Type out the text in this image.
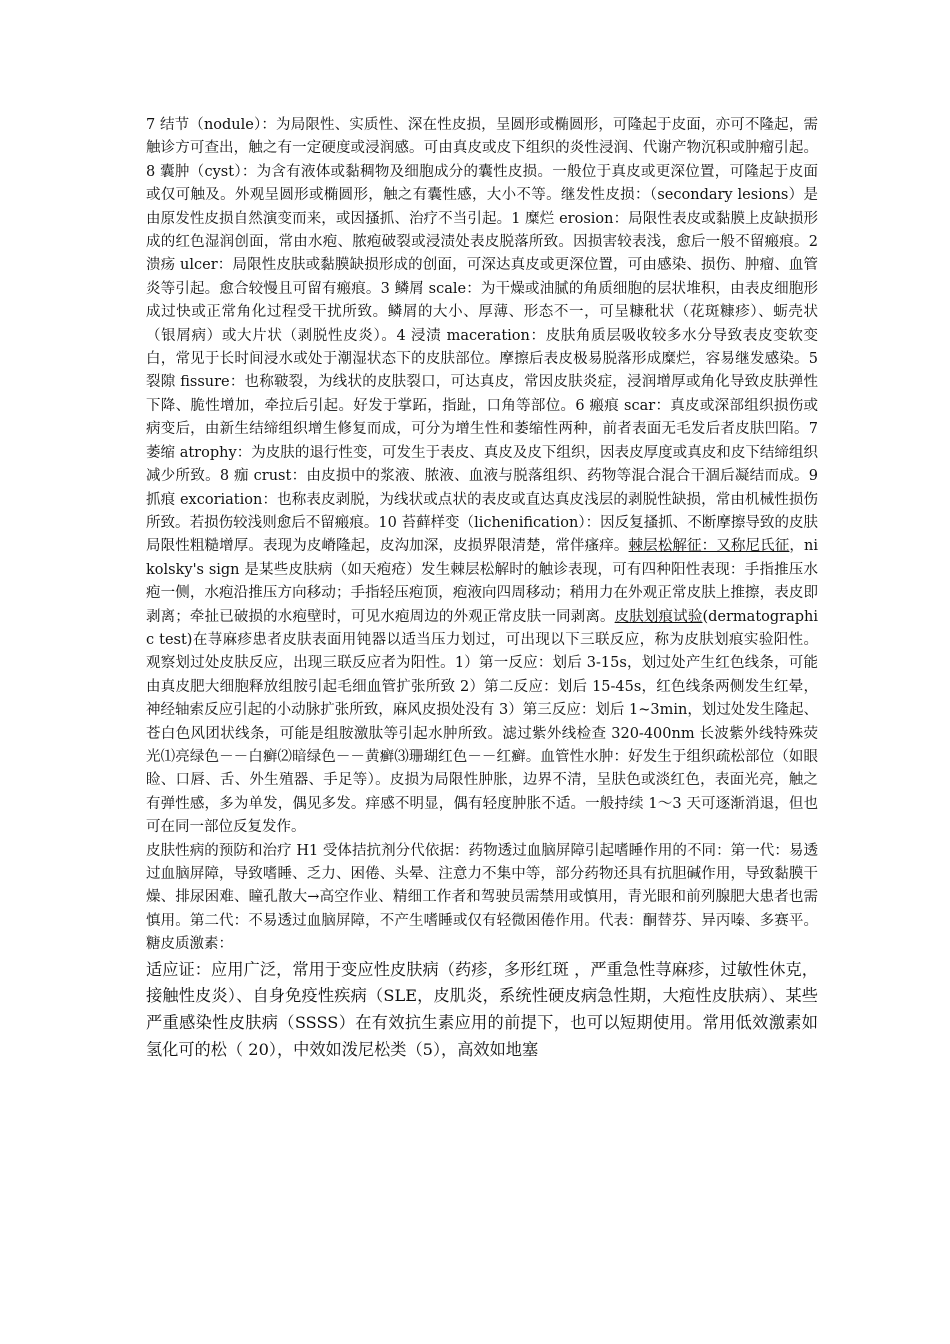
7 结节（nodule）：为局限性、实质性、深在性皮损，呈圆形或椭圆形，可隆起于皮面，亦可不隆起，需触诊方可查出，触之有一定硬度或浸润感。可由真皮或皮下组织的炎性浸润、代谢产物沉积或肿瘤引起。8 囊肿（cyst）：为含有液体或黏稠物及细胞成分的囊性皮损。一般位于真皮或更深位置，可隆起于皮面或仅可触及。外观呈圆形或椭圆形，触之有囊性感，大小不等。继发性皮损：（secondary lesions）是由原发性皮损自然演变而来，或因搔抓、治疗不当引起。1 糜烂 erosion：局限性表皮或黏膜上皮缺损形成的红色湿润创面，常由水疱、脓疱破裂或浸渍处表皮脱落所致。因损害较表浅，愈后一般不留瘢痕。2 溃疡 ulcer：局限性皮肤或黏膜缺损形成的创面，可深达真皮或更深位置，可由感染、损伤、肿瘤、血管炎等引起。愈合较慢且可留有瘢痕。3 鳞屑 scale：为干燥或油腻的角质细胞的层状堆积，由表皮细胞形成过快或正常角化过程受干扰所致。鳞屑的大小、厚薄、形态不一，可呈糠秕状（花斑糠疹）、蛎壳状（银屑病）或大片状（剥脱性皮炎）。4 浸渍 maceration：皮肤角质层吸收较多水分导致表皮变软变白，常见于长时间浸水或处于潮湿状态下的皮肤部位。摩擦后表皮极易脱落形成糜烂，容易继发感染。5 裂隙 fissure：也称皲裂，为线状的皮肤裂口，可达真皮，常因皮肤炎症，浸润增厚或角化导致皮肤弹性下降、脆性增加，牵拉后引起。好发于掌跖，指趾，口角等部位。6 瘢痕 scar：真皮或深部组织损伤或病变后，由新生结缔组织增生修复而成，可分为增生性和萎缩性两种，前者表面无毛发后者皮肤凹陷。7 萎缩 atrophy：为皮肤的退行性变，可发生于表皮、真皮及皮下组织，因表皮厚度或真皮和皮下结缔组织减少所致。8 痂 crust：由皮损中的浆液、脓液、血液与脱落组织、药物等混合混合干涸后凝结而成。9 抓痕 excoriation：也称表皮剥脱，为线状或点状的表皮或直达真皮浅层的剥脱性缺损，常由机械性损伤所致。若损伤较浅则愈后不留瘢痕。10 苔藓样变（lichenification）：因反复搔抓、不断摩擦导致的皮肤局限性粗糙增厚。表现为皮嵴隆起，皮沟加深，皮损界限清楚，常伴瘙痒。棘层松解征：又称尼氏征，nikolsky's sign 是某些皮肤病（如天疱疮）发生棘层松解时的触诊表现，可有四种阳性表现：手指推压水疱一侧，水疱沿推压方向移动；手指轻压疱顶，疱液向四周移动；稍用力在外观正常皮肤上推擦，表皮即剥离；牵扯已破损的水疱壁时，可见水疱周边的外观正常皮肤一同剥离。皮肤划痕试验(dermatographic test)在荨麻疹患者皮肤表面用钝器以适当压力划过，可出现以下三联反应，称为皮肤划痕实验阳性。 观察划过处皮肤反应，出现三联反应者为阳性。1）第一反应：划后 3-15s，划过处产生红色线条，可能由真皮肥大细胞释放组胺引起毛细血管扩张所致 2）第二反应：划后 15-45s，红色线条两侧发生红晕，神经轴索反应引起的小动脉扩张所致，麻风皮损处没有 3）第三反应：划后 1~3min，划过处发生隆起、苍白色风团状线条，可能是组胺激肽等引起水肿所致。滤过紫外线检查 320-400nm 长波紫外线特殊荧光⑴亮绿色－－白癣⑵暗绿色－－黄癣⑶珊瑚红色－－红癣。血管性水肿：好发生于组织疏松部位（如眼睑、口唇、舌、外生殖器、手足等）。皮损为局限性肿胀，边界不清，呈肤色或淡红色，表面光亮，触之有弹性感，多为单发，偶见多发。痒感不明显，偶有轻度肿胀不适。一般持续 1～3 天可逐渐消退，但也可在同一部位反复发作。

皮肤性病的预防和治疗 H1 受体拮抗剂分代依据：药物透过血脑屏障引起嗜睡作用的不同：第一代：易透过血脑屏障，导致嗜睡、乏力、困倦、头晕、注意力不集中等，部分药物还具有抗胆碱作用，导致黏膜干燥、排尿困难、瞳孔散大→高空作业、精细工作者和驾驶员需禁用或慎用，青光眼和前列腺肥大患者也需慎用。第二代：不易透过血脑屏障，不产生嗜睡或仅有轻微困倦作用。代表：酮替芬、异丙嗪、多赛平。糖皮质激素：

适应证：应用广泛，常用于变应性皮肤病（药疹，多形红斑 ，严重急性荨麻疹，过敏性休克，接触性皮炎）、自身免疫性疾病（SLE，皮肌炎，系统性硬皮病急性期，大疱性皮肤病）、某些严重感染性皮肤病（SSSS）在有效抗生素应用的前提下，也可以短期使用。常用低效激素如氢化可的松（ 20），中效如泼尼松类（5），高效如地塞
